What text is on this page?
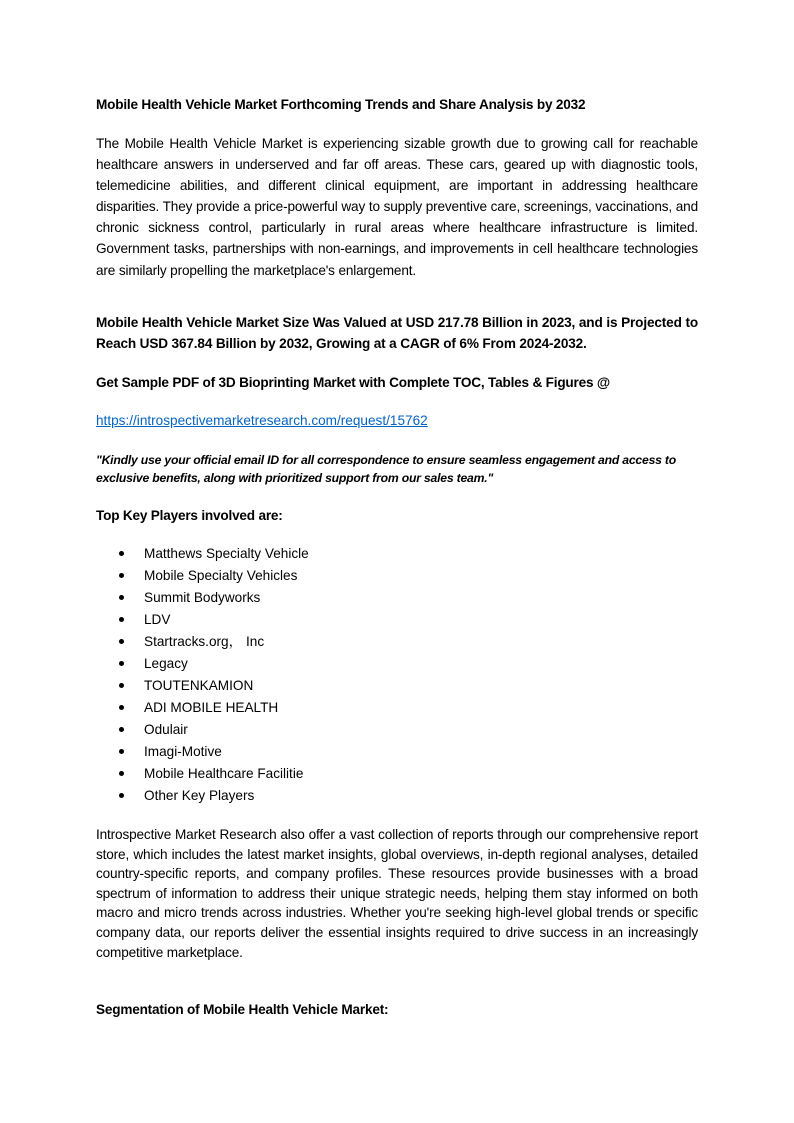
Mobile Health Vehicle Market Forthcoming Trends and Share Analysis by 2032

The Mobile Health Vehicle Market is experiencing sizable growth due to growing call for reachable healthcare answers in underserved and far off areas. These cars, geared up with diagnostic tools, telemedicine abilities, and different clinical equipment, are important in addressing healthcare disparities. They provide a price-powerful way to supply preventive care, screenings, vaccinations, and chronic sickness control, particularly in rural areas where healthcare infrastructure is limited. Government tasks, partnerships with non-earnings, and improvements in cell healthcare technologies are similarly propelling the marketplace's enlargement.

Mobile Health Vehicle Market Size Was Valued at USD 217.78 Billion in 2023, and is Projected to Reach USD 367.84 Billion by 2032, Growing at a CAGR of 6% From 2024-2032.

Get Sample PDF of 3D Bioprinting Market with Complete TOC, Tables & Figures @

https://introspectivemarketresearch.com/request/15762

"Kindly use your official email ID for all correspondence to ensure seamless engagement and access to exclusive benefits, along with prioritized support from our sales team."

Top Key Players involved are:

Matthews Specialty Vehicle
Mobile Specialty Vehicles
Summit Bodyworks
LDV
Startracks.org， Inc
Legacy
TOUTENKAMION
ADI MOBILE HEALTH
Odulair
Imagi-Motive
Mobile Healthcare Facilitie
Other Key Players

Introspective Market Research also offer a vast collection of reports through our comprehensive report store, which includes the latest market insights, global overviews, in-depth regional analyses, detailed country-specific reports, and company profiles. These resources provide businesses with a broad spectrum of information to address their unique strategic needs, helping them stay informed on both macro and micro trends across industries. Whether you're seeking high-level global trends or specific company data, our reports deliver the essential insights required to drive success in an increasingly competitive marketplace.

Segmentation of Mobile Health Vehicle Market:
